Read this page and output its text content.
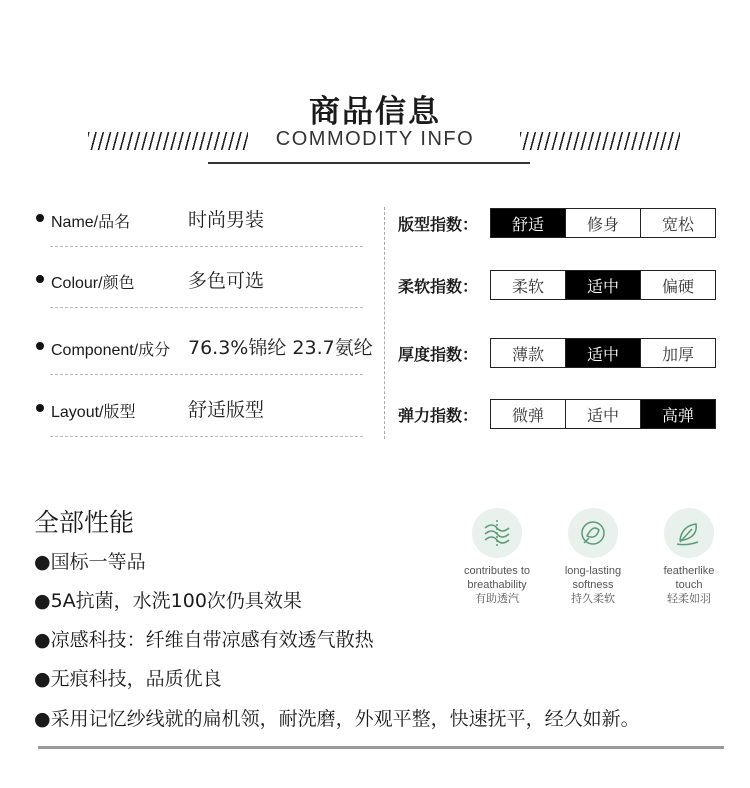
商品信息
COMMODITY INFO
Name/品名	时尚男装
Colour/颜色	多色可选
Component/成分 76.3%锦纶 23.7氨纶
Layout/版型	舒适版型
版型指数：	舒适	修身	宽松
柔软指数：	柔软	适中	偏硬
厚度指数：	薄款	适中	加厚
弹力指数：	微弹	适中	高弹
全部性能
●国标一等品
●5A抗菌，水洗100次仍具效果
●凉感科技：纤维自带凉感有效透气散热
●无痕科技，品质优良
●采用记忆纱线就的扁机领，耐洗磨，外观平整，快速抚平，经久如新。
contributes to
breathability
有助透汽
long-lasting
softness
持久柔软
featherlike
touch
轻柔如羽
